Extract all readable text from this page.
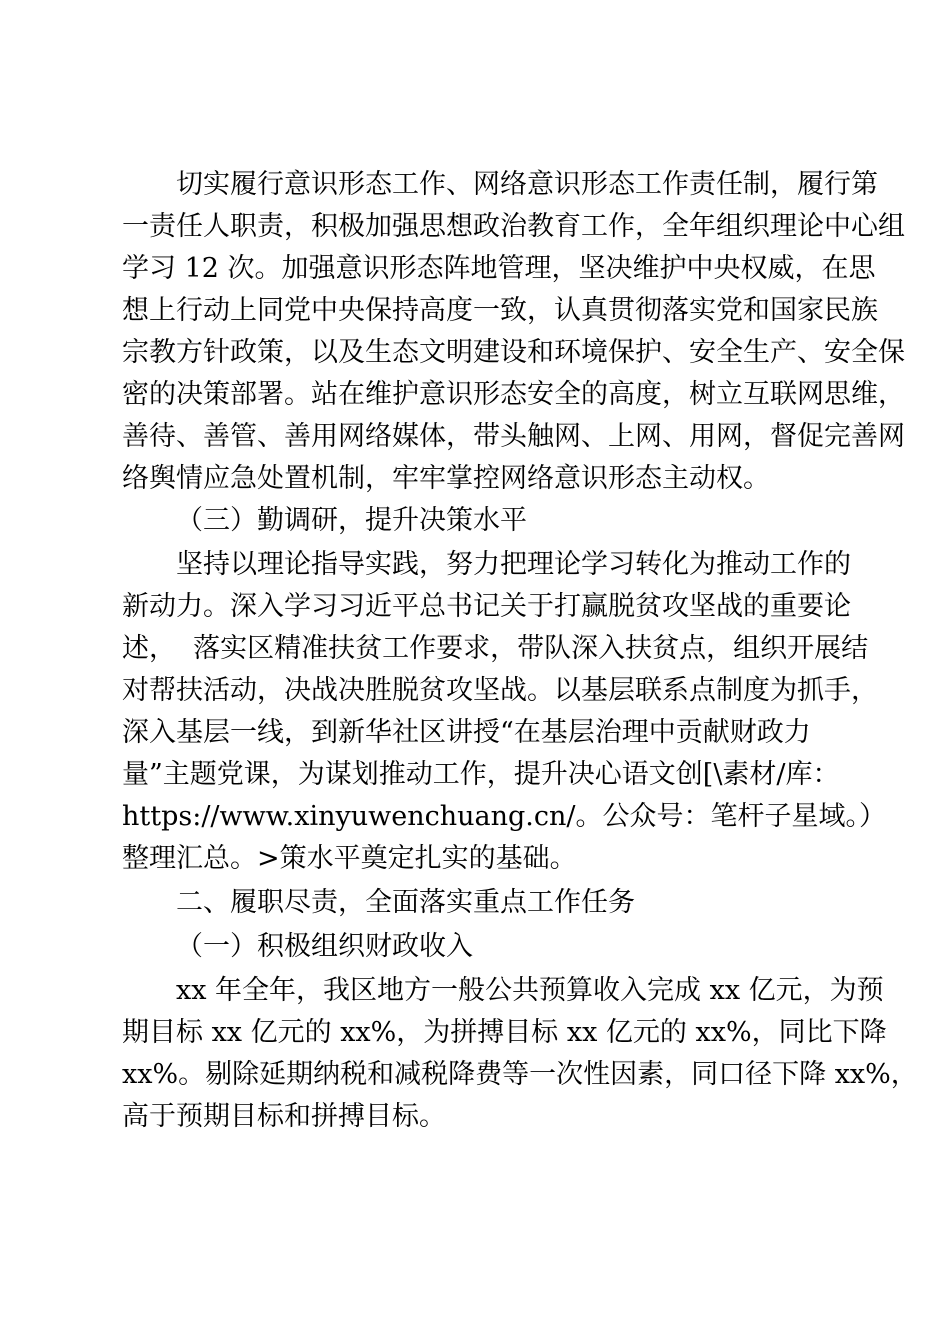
切实履行意识形态工作、网络意识形态工作责任制，履行第
一责任人职责，积极加强思想政治教育工作，全年组织理论中心组
学习 12 次。加强意识形态阵地管理，坚决维护中央权威，在思
想上行动上同党中央保持高度一致，认真贯彻落实党和国家民族
宗教方针政策，以及生态文明建设和环境保护、安全生产、安全保
密的决策部署。站在维护意识形态安全的高度，树立互联网思维，
善待、善管、善用网络媒体，带头触网、上网、用网，督促完善网
络舆情应急处置机制，牢牢掌控网络意识形态主动权。
（三）勤调研，提升决策水平
坚持以理论指导实践，努力把理论学习转化为推动工作的
新动力。深入学习习近平总书记关于打赢脱贫攻坚战的重要论
述，  落实区精准扶贫工作要求，带队深入扶贫点，组织开展结
对帮扶活动，决战决胜脱贫攻坚战。以基层联系点制度为抓手，
深入基层一线，到新华社区讲授“在基层治理中贡献财政力
量”主题党课，为谋划推动工作，提升决心语文创[\素材/库：
https://www.xinyuwenchuang.cn/。公众号：笔杆子星域。）
整理汇总。>策水平奠定扎实的基础。
二、履职尽责，全面落实重点工作任务
（一）积极组织财政收入
xx 年全年，我区地方一般公共预算收入完成 xx 亿元，为预
期目标 xx 亿元的 xx%，为拼搏目标 xx 亿元的 xx%，同比下降
xx%。剔除延期纳税和减税降费等一次性因素，同口径下降 xx%，
高于预期目标和拼搏目标。
